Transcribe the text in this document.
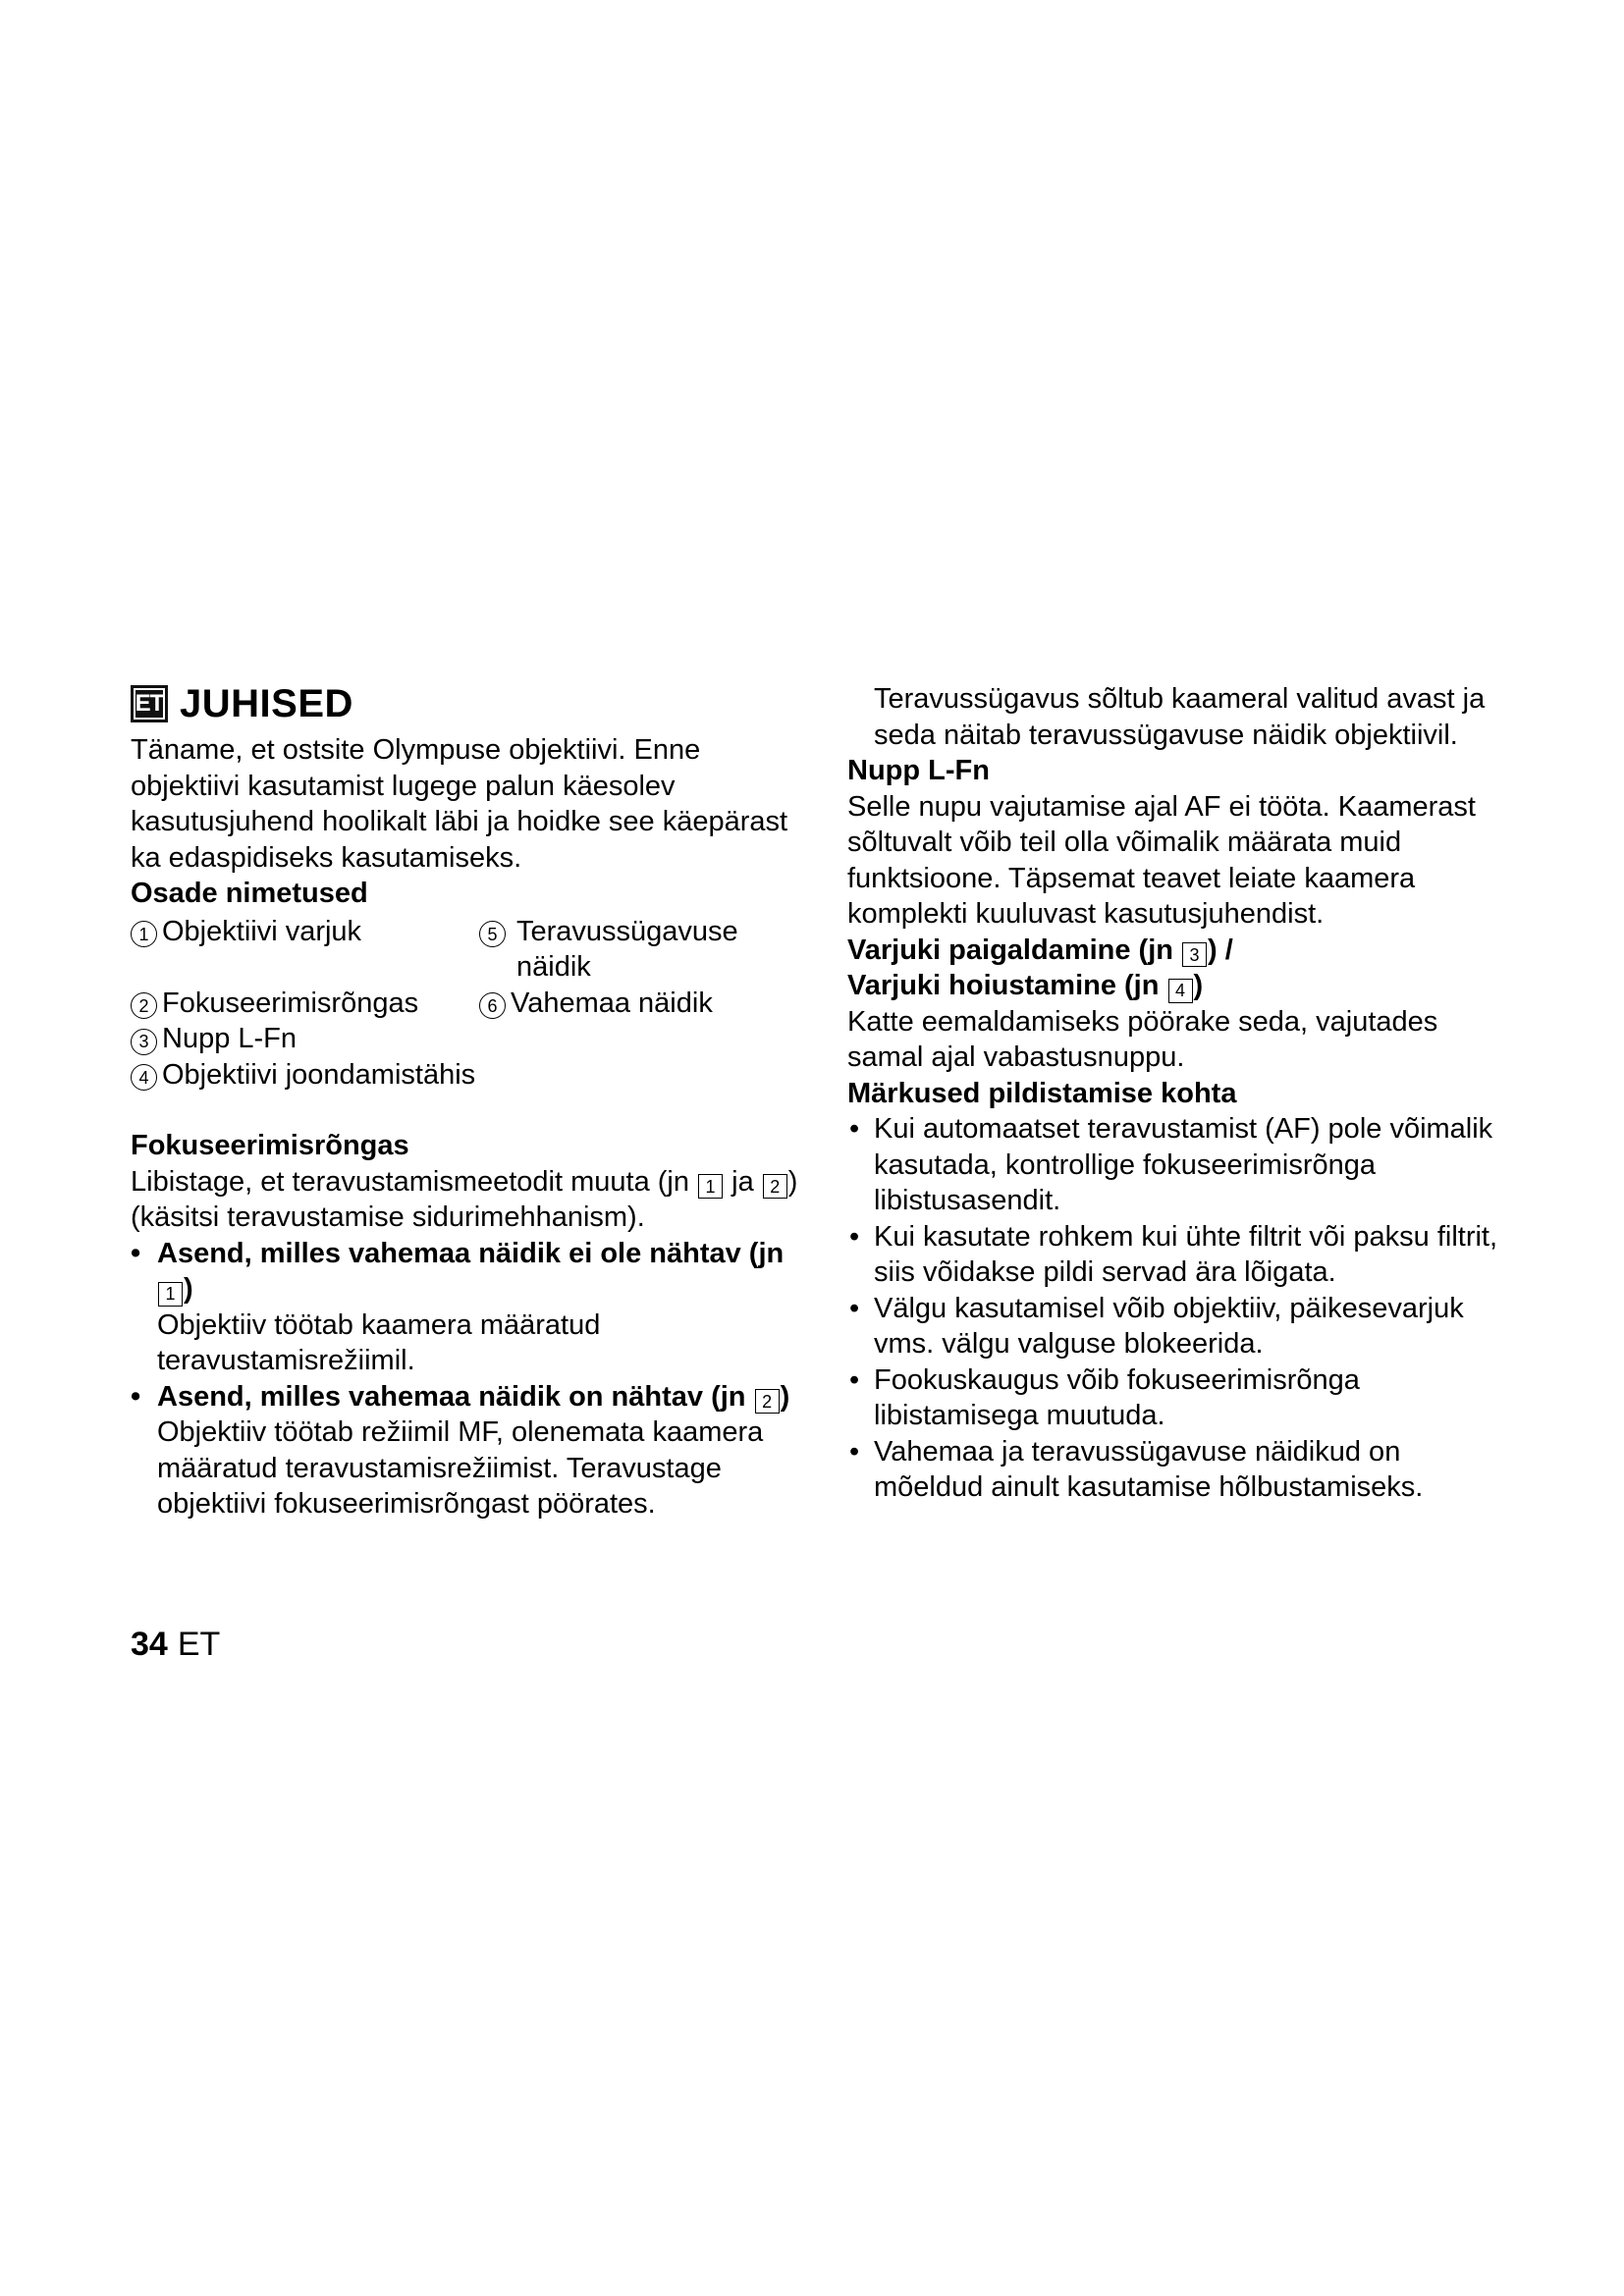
ET JUHISED

Täname, et ostsite Olympuse objektiivi. Enne objektiivi kasutamist lugege palun käesolev kasutusjuhend hoolikalt läbi ja hoidke see käepärast ka edaspidiseks kasutamiseks.

Osade nimetused

1 Objektiivi varjuk	5 Teravussügavuse näidik
2 Fokuseerimisrõngas	6 Vahemaa näidik
3 Nupp L-Fn
4 Objektiivi joondamistähis

Fokuseerimisrõngas

Libistage, et teravustamismeetodit muuta (jn 1 ja 2 ) (käsitsi teravustamise sidurimehhanism).

• Asend, milles vahemaa näidik ei ole nähtav (jn 1 )

Objektiiv töötab kaamera määratud teravustamisrežiimil.

• Asend, milles vahemaa näidik on nähtav (jn 2 )

Objektiiv töötab režiimil MF, olenemata kaamera määratud teravustamisrežiimist. Teravustage objektiivi fokuseerimisrõngast pöörates.

Teravussügavus sõltub kaameral valitud avast ja seda näitab teravussügavuse näidik objektiivil.

Nupp L-Fn

Selle nupu vajutamise ajal AF ei tööta. Kaamerast sõltuvalt võib teil olla võimalik määrata muid funktsioone. Täpsemat teavet leiate kaamera komplekti kuuluvast kasutusjuhendist.

Varjuki paigaldamine (jn 3 ) /

Varjuki hoiustamine (jn 4 )

Katte eemaldamiseks pöörake seda, vajutades samal ajal vabastusnuppu.

Märkused pildistamise kohta

• Kui automaatset teravustamist (AF) pole võimalik kasutada, kontrollige fokuseerimisrõnga libistusasendit.
• Kui kasutate rohkem kui ühte filtrit või paksu filtrit, siis võidakse pildi servad ära lõigata.
• Välgu kasutamisel võib objektiiv, päikesevarjuk vms. välgu valguse blokeerida.
• Fookuskaugus võib fokuseerimisrõnga libistamisega muutuda.
• Vahemaa ja teravussügavuse näidikud on mõeldud ainult kasutamise hõlbustamiseks.
34 ET
